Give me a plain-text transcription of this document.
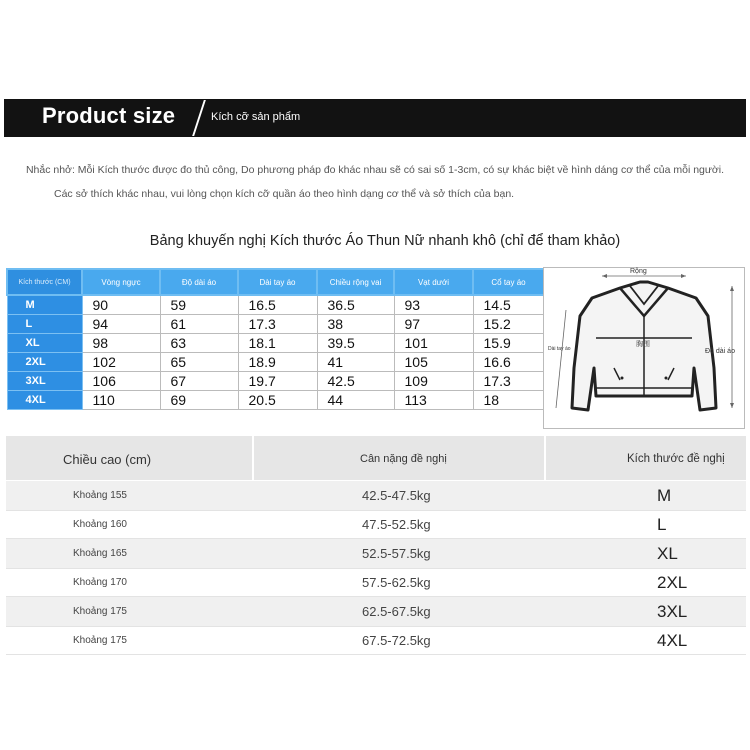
Product size	Kích cỡ sản phẩm
Nhắc nhở: Mỗi Kích thước được đo thủ công, Do phương pháp đo khác nhau sẽ có sai số 1-3cm, có sự khác biệt về hình dáng cơ thể của mỗi người.
Các sở thích khác nhau, vui lòng chọn kích cỡ quần áo theo hình dạng cơ thể và sở thích của bạn.
Bảng khuyến nghị Kích thước Áo Thun Nữ nhanh khô (chỉ để tham khảo)
Kích thước (CM)	Vòng ngực	Độ dài áo	Dài tay áo	Chiều rộng vai	Vạt dưới	Cổ tay áo
M	90	59	16.5	36.5	93	14.5
L	94	61	17.3	38	97	15.2
XL	98	63	18.1	39.5	101	15.9
2XL	102	65	18.9	41	105	16.6
3XL	106	67	19.7	42.5	109	17.3
4XL	110	69	20.5	44	113	18
Rộng
Dài tay áo	Độ dài áo
胸围
Chiều cao (cm)	Cân nặng đề nghị	Kích thước đề nghị
Khoảng 155	42.5-47.5kg	M
Khoảng 160	47.5-52.5kg	L
Khoảng 165	52.5-57.5kg	XL
Khoảng 170	57.5-62.5kg	2XL
Khoảng 175	62.5-67.5kg	3XL
Khoảng 175	67.5-72.5kg	4XL
